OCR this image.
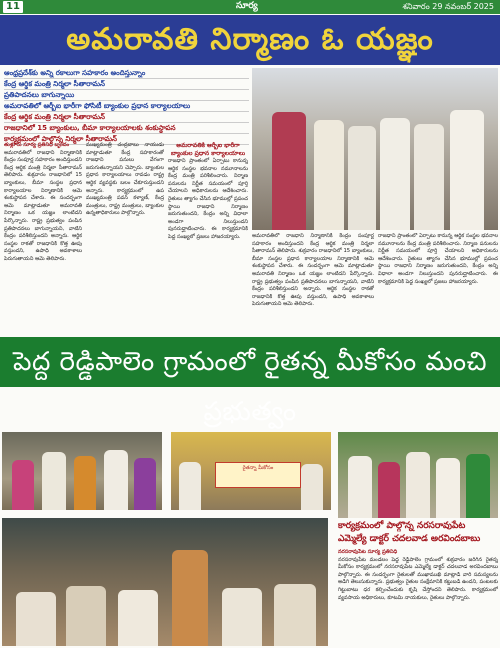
11	సూర్య	శనివారం 29 నవంబర్ 2025
అమరావతి నిర్మాణం ఓ యజ్ఞం
ఆంధ్రప్రదేశ్‌కు అన్ని రకాలుగా సహకారం అందిస్తున్నాం
కేంద్ర ఆర్థిక మంత్రి నిర్మలా సీతారామన్
ప్రతిపాదనలు బాగున్నాయి
అమరావతిలో ఆర్బీఐ భారీగా ఫోసిటీ బ్యాంకుల ప్రధాన కార్యాలయాలు
కేంద్ర ఆర్థిక మంత్రి నిర్మలా సీతారామన్
రాజధానిలో 15 బ్యాంకులు, బీమా కార్యాలయాలకు శంకుస్థాపన
కార్యక్రమంలో పాల్గొన్న నిర్మలా సీతారామన్
తుళ్లూరు సూర్య ప్రతినిధి బృందం
అమరావతిలో రాజధాని నిర్మాణానికి కేంద్రం సంపూర్ణ సహకారం అందిస్తుందని కేంద్ర ఆర్థిక మంత్రి నిర్మలా సీతారామన్ తెలిపారు. శుక్రవారం రాజధానిలో 15 బ్యాంకులు, బీమా సంస్థల ప్రధాన కార్యాలయాల నిర్మాణానికి ఆమె శంకుస్థాపన చేశారు. ఈ సందర్భంగా ఆమె మాట్లాడుతూ అమరావతి నిర్మాణం ఒక యజ్ఞం లాంటిదని పేర్కొన్నారు. రాష్ట్ర ప్రభుత్వం పంపిన ప్రతిపాదనలు బాగున్నాయని, వాటిని కేంద్రం పరిశీలిస్తుందని అన్నారు. ఆర్థిక సంస్థల రాకతో రాజధానికి కొత్త ఊపు వస్తుందని, ఉపాధి అవకాశాలు పెరుగుతాయని ఆమె తెలిపారు.
ముఖ్యమంత్రి చంద్రబాబు నాయుడు మాట్లాడుతూ కేంద్ర సహకారంతో రాజధాని పనులు వేగంగా జరుగుతున్నాయని చెప్పారు. బ్యాంకుల ప్రధాన కార్యాలయాలు రావడం రాష్ట్ర ఆర్థిక వ్యవస్థకు బలం చేకూరుస్తుందని అన్నారు. కార్యక్రమంలో ఉప ముఖ్యమంత్రి పవన్ కళ్యాణ్, కేంద్ర మంత్రులు, రాష్ట్ర మంత్రులు, బ్యాంకుల ఉన్నతాధికారులు పాల్గొన్నారు.
అమరావతికి ఆర్బీఐ భారీగా బ్యాంకుల ప్రధాన కార్యాలయాలు
రాజధాని ప్రాంతంలో ఏర్పాటు కానున్న ఆర్థిక సంస్థల భవనాల నమూనాలను కేంద్ర మంత్రి పరిశీలించారు. నిర్మాణ పనులను నిర్ణీత సమయంలో పూర్తి చేయాలని అధికారులను ఆదేశించారు. రైతులు త్యాగం చేసిన భూముల్లో ప్రపంచ స్థాయి రాజధాని నిర్మాణం జరుగుతుందని, కేంద్రం అన్ని విధాలా అండగా నిలుస్తుందని పునరుద్ఘాటించారు. ఈ కార్యక్రమానికి పెద్ద సంఖ్యలో ప్రజలు హాజరయ్యారు.	అమరావతిలో రాజధాని నిర్మాణానికి కేంద్రం సంపూర్ణ సహకారం అందిస్తుందని కేంద్ర ఆర్థిక మంత్రి నిర్మలా సీతారామన్ తెలిపారు. శుక్రవారం రాజధానిలో 15 బ్యాంకులు, బీమా సంస్థల ప్రధాన కార్యాలయాల నిర్మాణానికి ఆమె శంకుస్థాపన చేశారు. ఈ సందర్భంగా ఆమె మాట్లాడుతూ అమరావతి నిర్మాణం ఒక యజ్ఞం లాంటిదని పేర్కొన్నారు. రాష్ట్ర ప్రభుత్వం పంపిన ప్రతిపాదనలు బాగున్నాయని, వాటిని కేంద్రం పరిశీలిస్తుందని అన్నారు. ఆర్థిక సంస్థల రాకతో రాజధానికి కొత్త ఊపు వస్తుందని, ఉపాధి అవకాశాలు పెరుగుతాయని ఆమె తెలిపారు.
రాజధాని ప్రాంతంలో ఏర్పాటు కానున్న ఆర్థిక సంస్థల భవనాల నమూనాలను కేంద్ర మంత్రి పరిశీలించారు. నిర్మాణ పనులను నిర్ణీత సమయంలో పూర్తి చేయాలని అధికారులను ఆదేశించారు. రైతులు త్యాగం చేసిన భూముల్లో ప్రపంచ స్థాయి రాజధాని నిర్మాణం జరుగుతుందని, కేంద్రం అన్ని విధాలా అండగా నిలుస్తుందని పునరుద్ఘాటించారు. ఈ కార్యక్రమానికి పెద్ద సంఖ్యలో ప్రజలు హాజరయ్యారు.
పెద్ద రెడ్డిపాలెం గ్రామంలో రైతన్న మీకోసం మంచి ప్రభుత్వం
రైతన్నా మీకోసం
కార్యక్రమంలో పాల్గొన్న నరసరావుపేట
ఎమ్మెల్యే డాక్టర్ చదలవాడ అరవిందబాబు
నరసరావుపేట సూర్య ప్రతినిధి
నరసరావుపేట మండలం పెద్ద రెడ్డిపాలెం గ్రామంలో శుక్రవారం జరిగిన రైతన్న మీకోసం కార్యక్రమంలో నరసరావుపేట ఎమ్మెల్యే డాక్టర్ చదలవాడ అరవిందబాబు పాల్గొన్నారు. ఈ సందర్భంగా రైతులతో ముఖాముఖి మాట్లాడి వారి సమస్యలను అడిగి తెలుసుకున్నారు. ప్రభుత్వం రైతుల సంక్షేమానికి కట్టుబడి ఉందని, పంటలకు గిట్టుబాటు ధర కల్పించేందుకు కృషి చేస్తోందని తెలిపారు. కార్యక్రమంలో వ్యవసాయ అధికారులు, కూటమి నాయకులు, రైతులు పాల్గొన్నారు.
